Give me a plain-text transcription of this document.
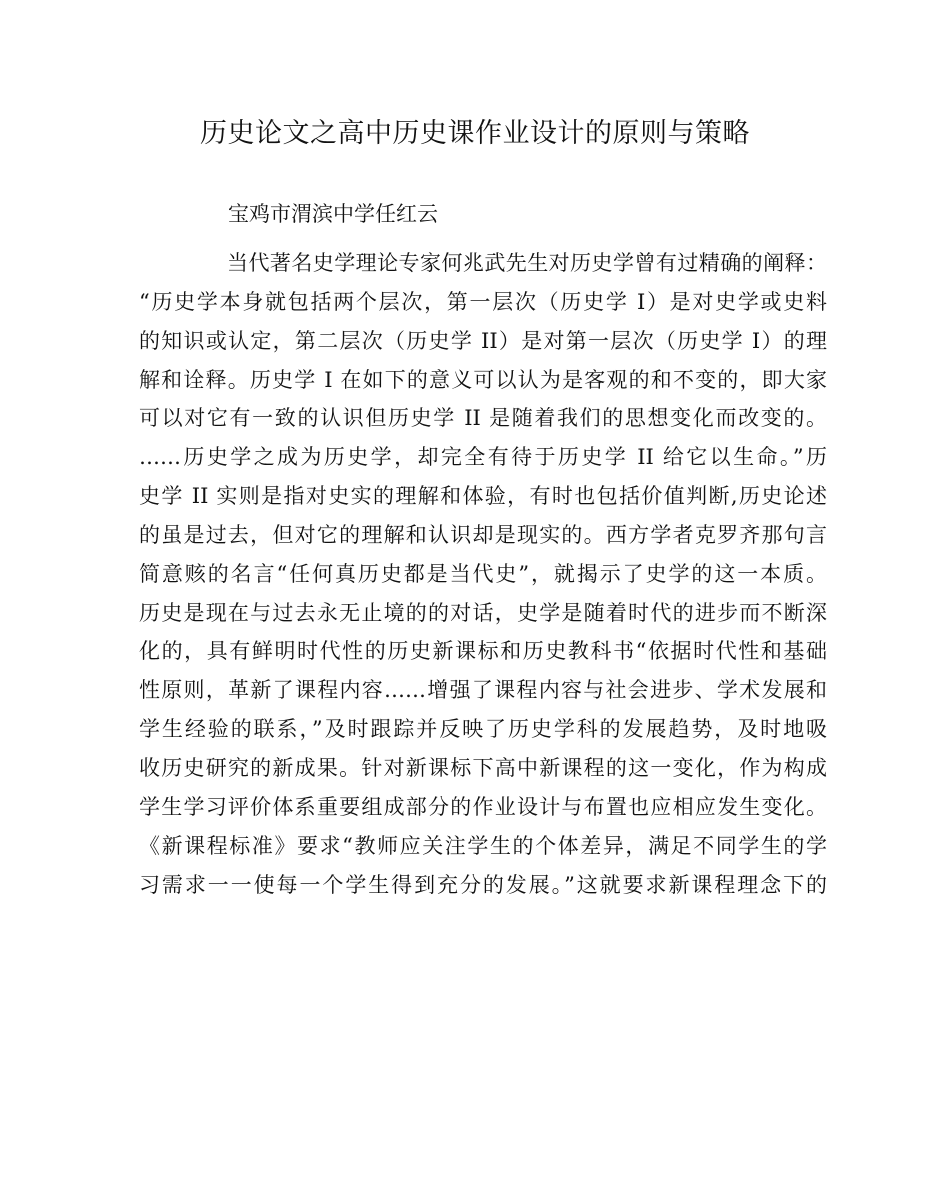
历史论文之高中历史课作业设计的原则与策略

宝鸡市渭滨中学任红云

当代著名史学理论专家何兆武先生对历史学曾有过精确的阐释：
“历史学本身就包括两个层次，第一层次（历史学 I）是对史学或史料
的知识或认定，第二层次（历史学 II）是对第一层次（历史学 I）的理
解和诠释。历史学 I 在如下的意义可以认为是客观的和不变的，即大家
可以对它有一致的认识但历史学 II 是随着我们的思想变化而改变的。
……历史学之成为历史学，却完全有待于历史学 II 给它以生命。”历
史学 II 实则是指对史实的理解和体验，有时也包括价值判断,历史论述
的虽是过去，但对它的理解和认识却是现实的。西方学者克罗齐那句言
简意赅的名言“任何真历史都是当代史”，就揭示了史学的这一本质。
历史是现在与过去永无止境的的对话，史学是随着时代的进步而不断深
化的，具有鲜明时代性的历史新课标和历史教科书“依据时代性和基础
性原则，革新了课程内容……增强了课程内容与社会进步、学术发展和
学生经验的联系，”及时跟踪并反映了历史学科的发展趋势，及时地吸
收历史研究的新成果。针对新课标下高中新课程的这一变化，作为构成
学生学习评价体系重要组成部分的作业设计与布置也应相应发生变化。
《新课程标准》要求“教师应关注学生的个体差异，满足不同学生的学
习需求一一使每一个学生得到充分的发展。”这就要求新课程理念下的
